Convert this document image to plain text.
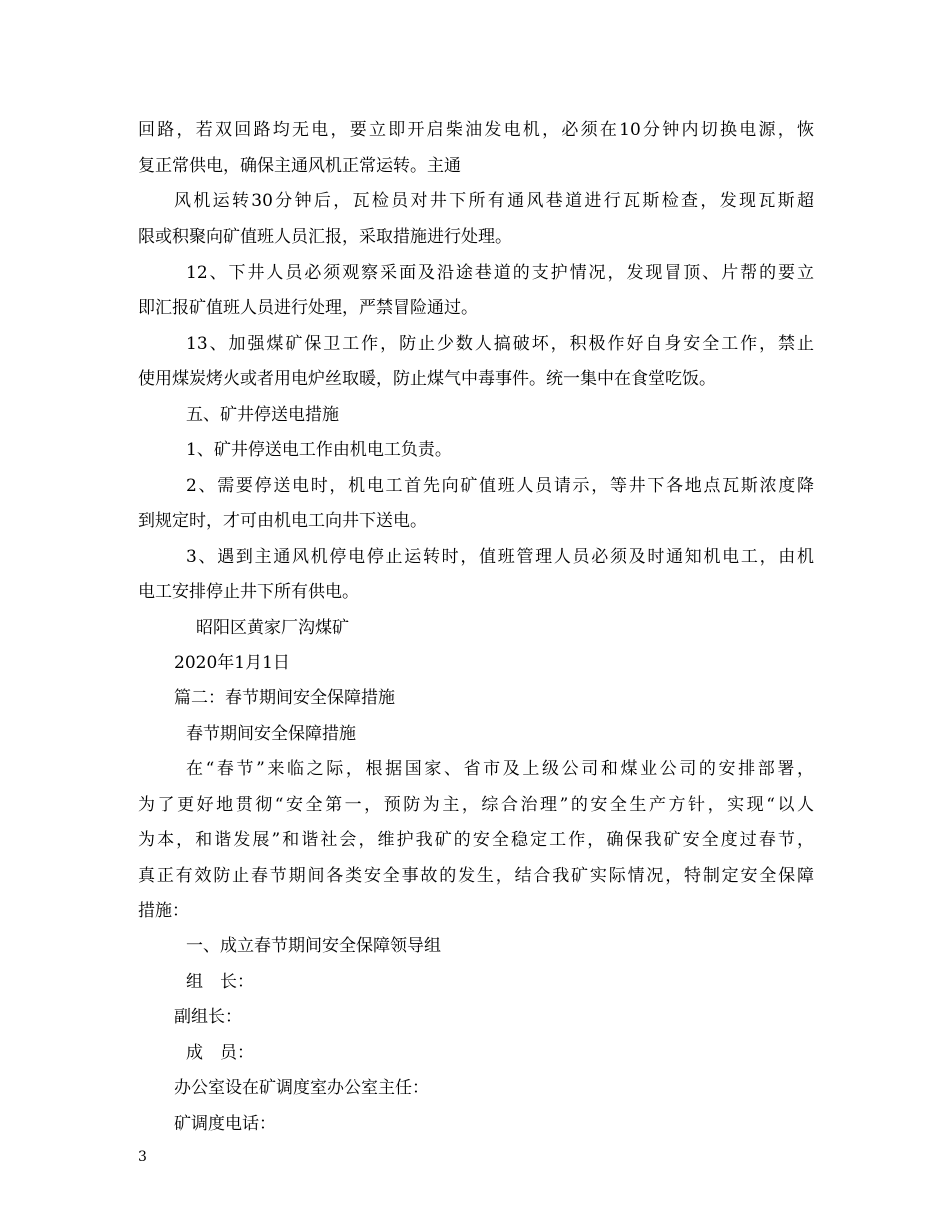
回路，若双回路均无电，要立即开启柴油发电机，必须在10分钟内切换电源，恢
复正常供电，确保主通风机正常运转。主通
风机运转30分钟后，瓦检员对井下所有通风巷道进行瓦斯检查，发现瓦斯超
限或积聚向矿值班人员汇报，采取措施进行处理。
12、下井人员必须观察采面及沿途巷道的支护情况，发现冒顶、片帮的要立
即汇报矿值班人员进行处理，严禁冒险通过。
13、加强煤矿保卫工作，防止少数人搞破坏，积极作好自身安全工作，禁止
使用煤炭烤火或者用电炉丝取暖，防止煤气中毒事件。统一集中在食堂吃饭。
五、矿井停送电措施
1、矿井停送电工作由机电工负责。
2、需要停送电时，机电工首先向矿值班人员请示，等井下各地点瓦斯浓度降
到规定时，才可由机电工向井下送电。
3、遇到主通风机停电停止运转时，值班管理人员必须及时通知机电工，由机
电工安排停止井下所有供电。
昭阳区黄家厂沟煤矿
2020年1月1日
篇二：春节期间安全保障措施
春节期间安全保障措施
在“春节”来临之际，根据国家、省市及上级公司和煤业公司的安排部署，
为了更好地贯彻“安全第一，预防为主，综合治理”的安全生产方针，实现“以人
为本，和谐发展”和谐社会，维护我矿的安全稳定工作，确保我矿安全度过春节，
真正有效防止春节期间各类安全事故的发生，结合我矿实际情况，特制定安全保障
措施：
一、成立春节期间安全保障领导组
组　长：
副组长：
成　员：
办公室设在矿调度室办公室主任：
矿调度电话：
3
